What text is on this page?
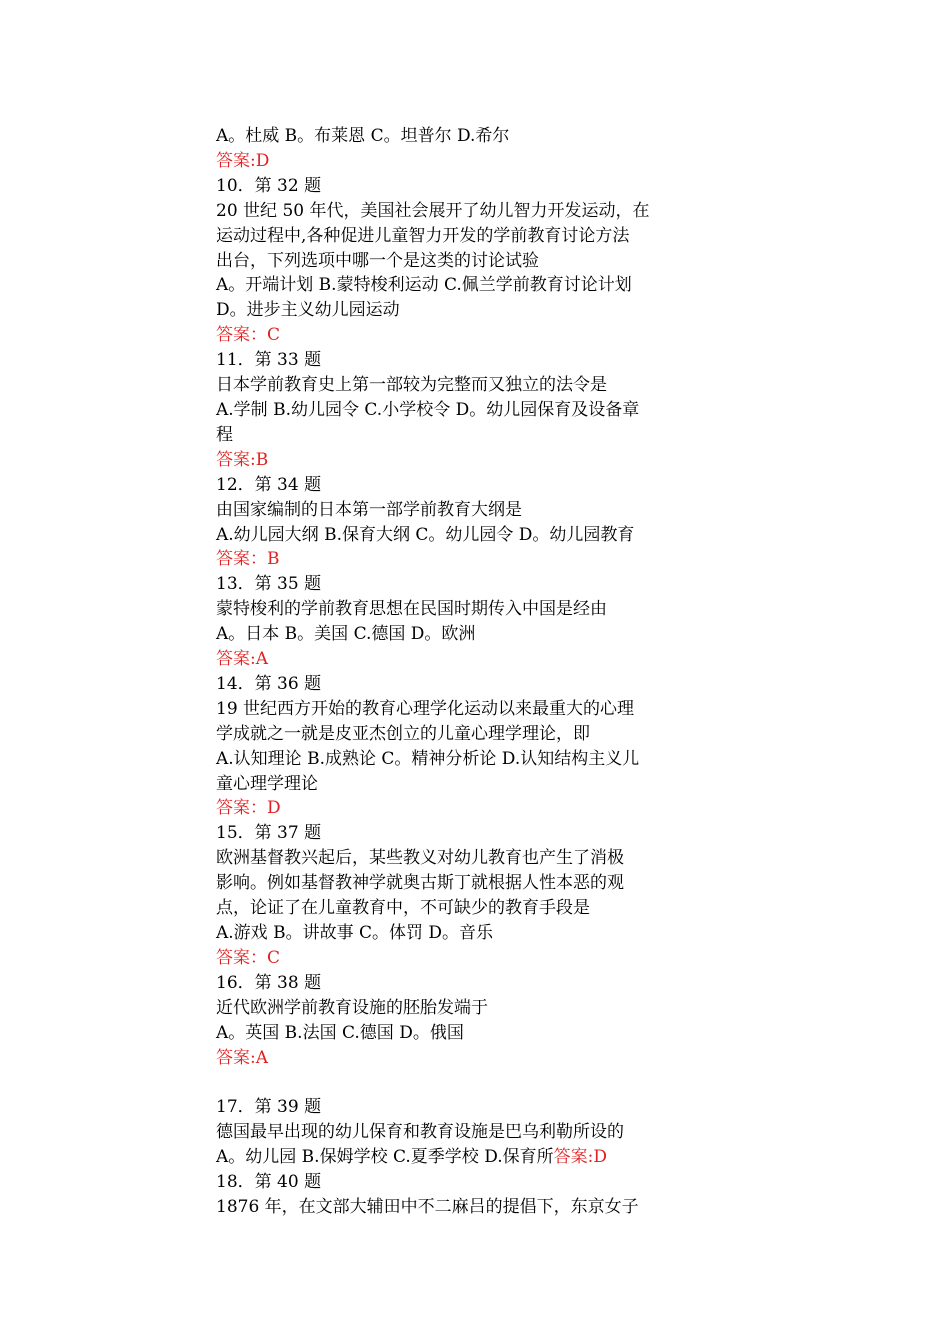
A。杜威 B。布莱恩 C。坦普尔 D.希尔
答案:D
10．第 32 题
20 世纪 50 年代，美国社会展开了幼儿智力开发运动，在
运动过程中,各种促进儿童智力开发的学前教育讨论方法
出台，下列选项中哪一个是这类的讨论试验
A。开端计划 B.蒙特梭利运动 C.佩兰学前教育讨论计划
D。进步主义幼儿园运动
答案：C
11．第 33 题
日本学前教育史上第一部较为完整而又独立的法令是
A.学制 B.幼儿园令 C.小学校令 D。幼儿园保育及设备章
程
答案:B
12．第 34 题
由国家编制的日本第一部学前教育大纲是
A.幼儿园大纲 B.保育大纲 C。幼儿园令 D。幼儿园教育
答案：B
13．第 35 题
蒙特梭利的学前教育思想在民国时期传入中国是经由
A。日本 B。美国 C.德国 D。欧洲
答案:A
14．第 36 题
19 世纪西方开始的教育心理学化运动以来最重大的心理
学成就之一就是皮亚杰创立的儿童心理学理论，即
A.认知理论 B.成熟论 C。精神分析论 D.认知结构主义儿
童心理学理论
答案：D
15．第 37 题
欧洲基督教兴起后，某些教义对幼儿教育也产生了消极
影响。例如基督教神学就奥古斯丁就根据人性本恶的观
点，论证了在儿童教育中，不可缺少的教育手段是
A.游戏 B。讲故事 C。体罚 D。音乐
答案：C
16．第 38 题
近代欧洲学前教育设施的胚胎发端于
A。英国 B.法国 C.德国 D。俄国
答案:A
17．第 39 题
德国最早出现的幼儿保育和教育设施是巴乌利勒所设的
A。幼儿园 B.保姆学校 C.夏季学校 D.保育所答案:D
18．第 40 题
1876 年，在文部大辅田中不二麻吕的提倡下，东京女子
